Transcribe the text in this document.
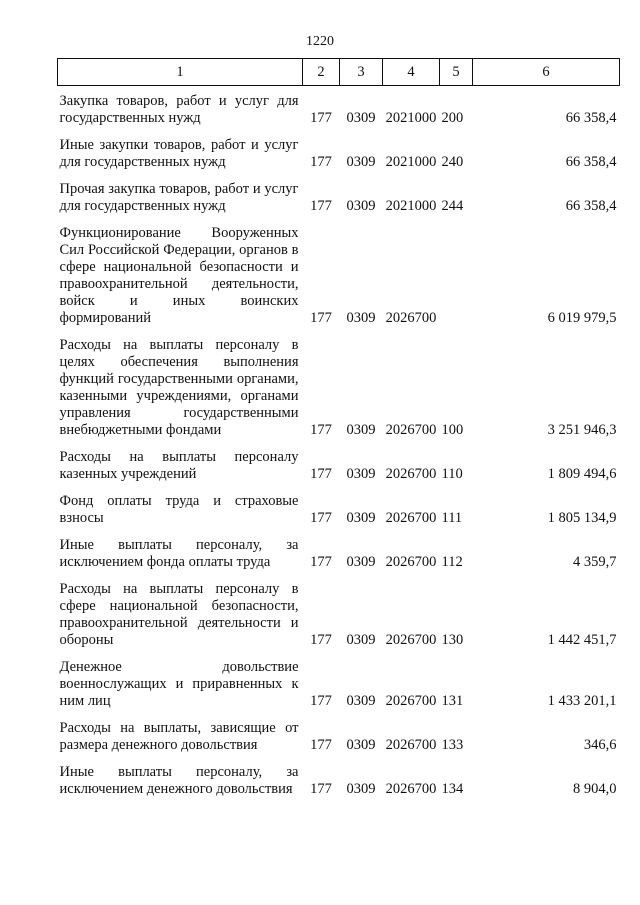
1220
1	2	3	4	5	6
Закупка товаров, работ и услуг для государственных нужд	177	0309	2021000	200	66 358,4
Иные закупки товаров, работ и услуг для государственных нужд	177	0309	2021000	240	66 358,4
Прочая закупка товаров, работ и услуг для государственных нужд	177	0309	2021000	244	66 358,4
Функционирование Вооруженных Сил Российской Федерации, органов в сфере национальной безопасности и правоохранительной деятельности, войск и иных воинских формирований	177	0309	2026700		6 019 979,5
Расходы на выплаты персоналу в целях обеспечения выполнения функций государственными органами, казенными учреждениями, органами управления государственными внебюджетными фондами	177	0309	2026700	100	3 251 946,3
Расходы на выплаты персоналу казенных учреждений	177	0309	2026700	110	1 809 494,6
Фонд оплаты труда и страховые взносы	177	0309	2026700	111	1 805 134,9
Иные выплаты персоналу, за исключением фонда оплаты труда	177	0309	2026700	112	4 359,7
Расходы на выплаты персоналу в сфере национальной безопасности, правоохранительной деятельности и обороны	177	0309	2026700	130	1 442 451,7
Денежное довольствие военнослужащих и приравненных к ним лиц	177	0309	2026700	131	1 433 201,1
Расходы на выплаты, зависящие от размера денежного довольствия	177	0309	2026700	133	346,6
Иные выплаты персоналу, за исключением денежного довольствия	177	0309	2026700	134	8 904,0
